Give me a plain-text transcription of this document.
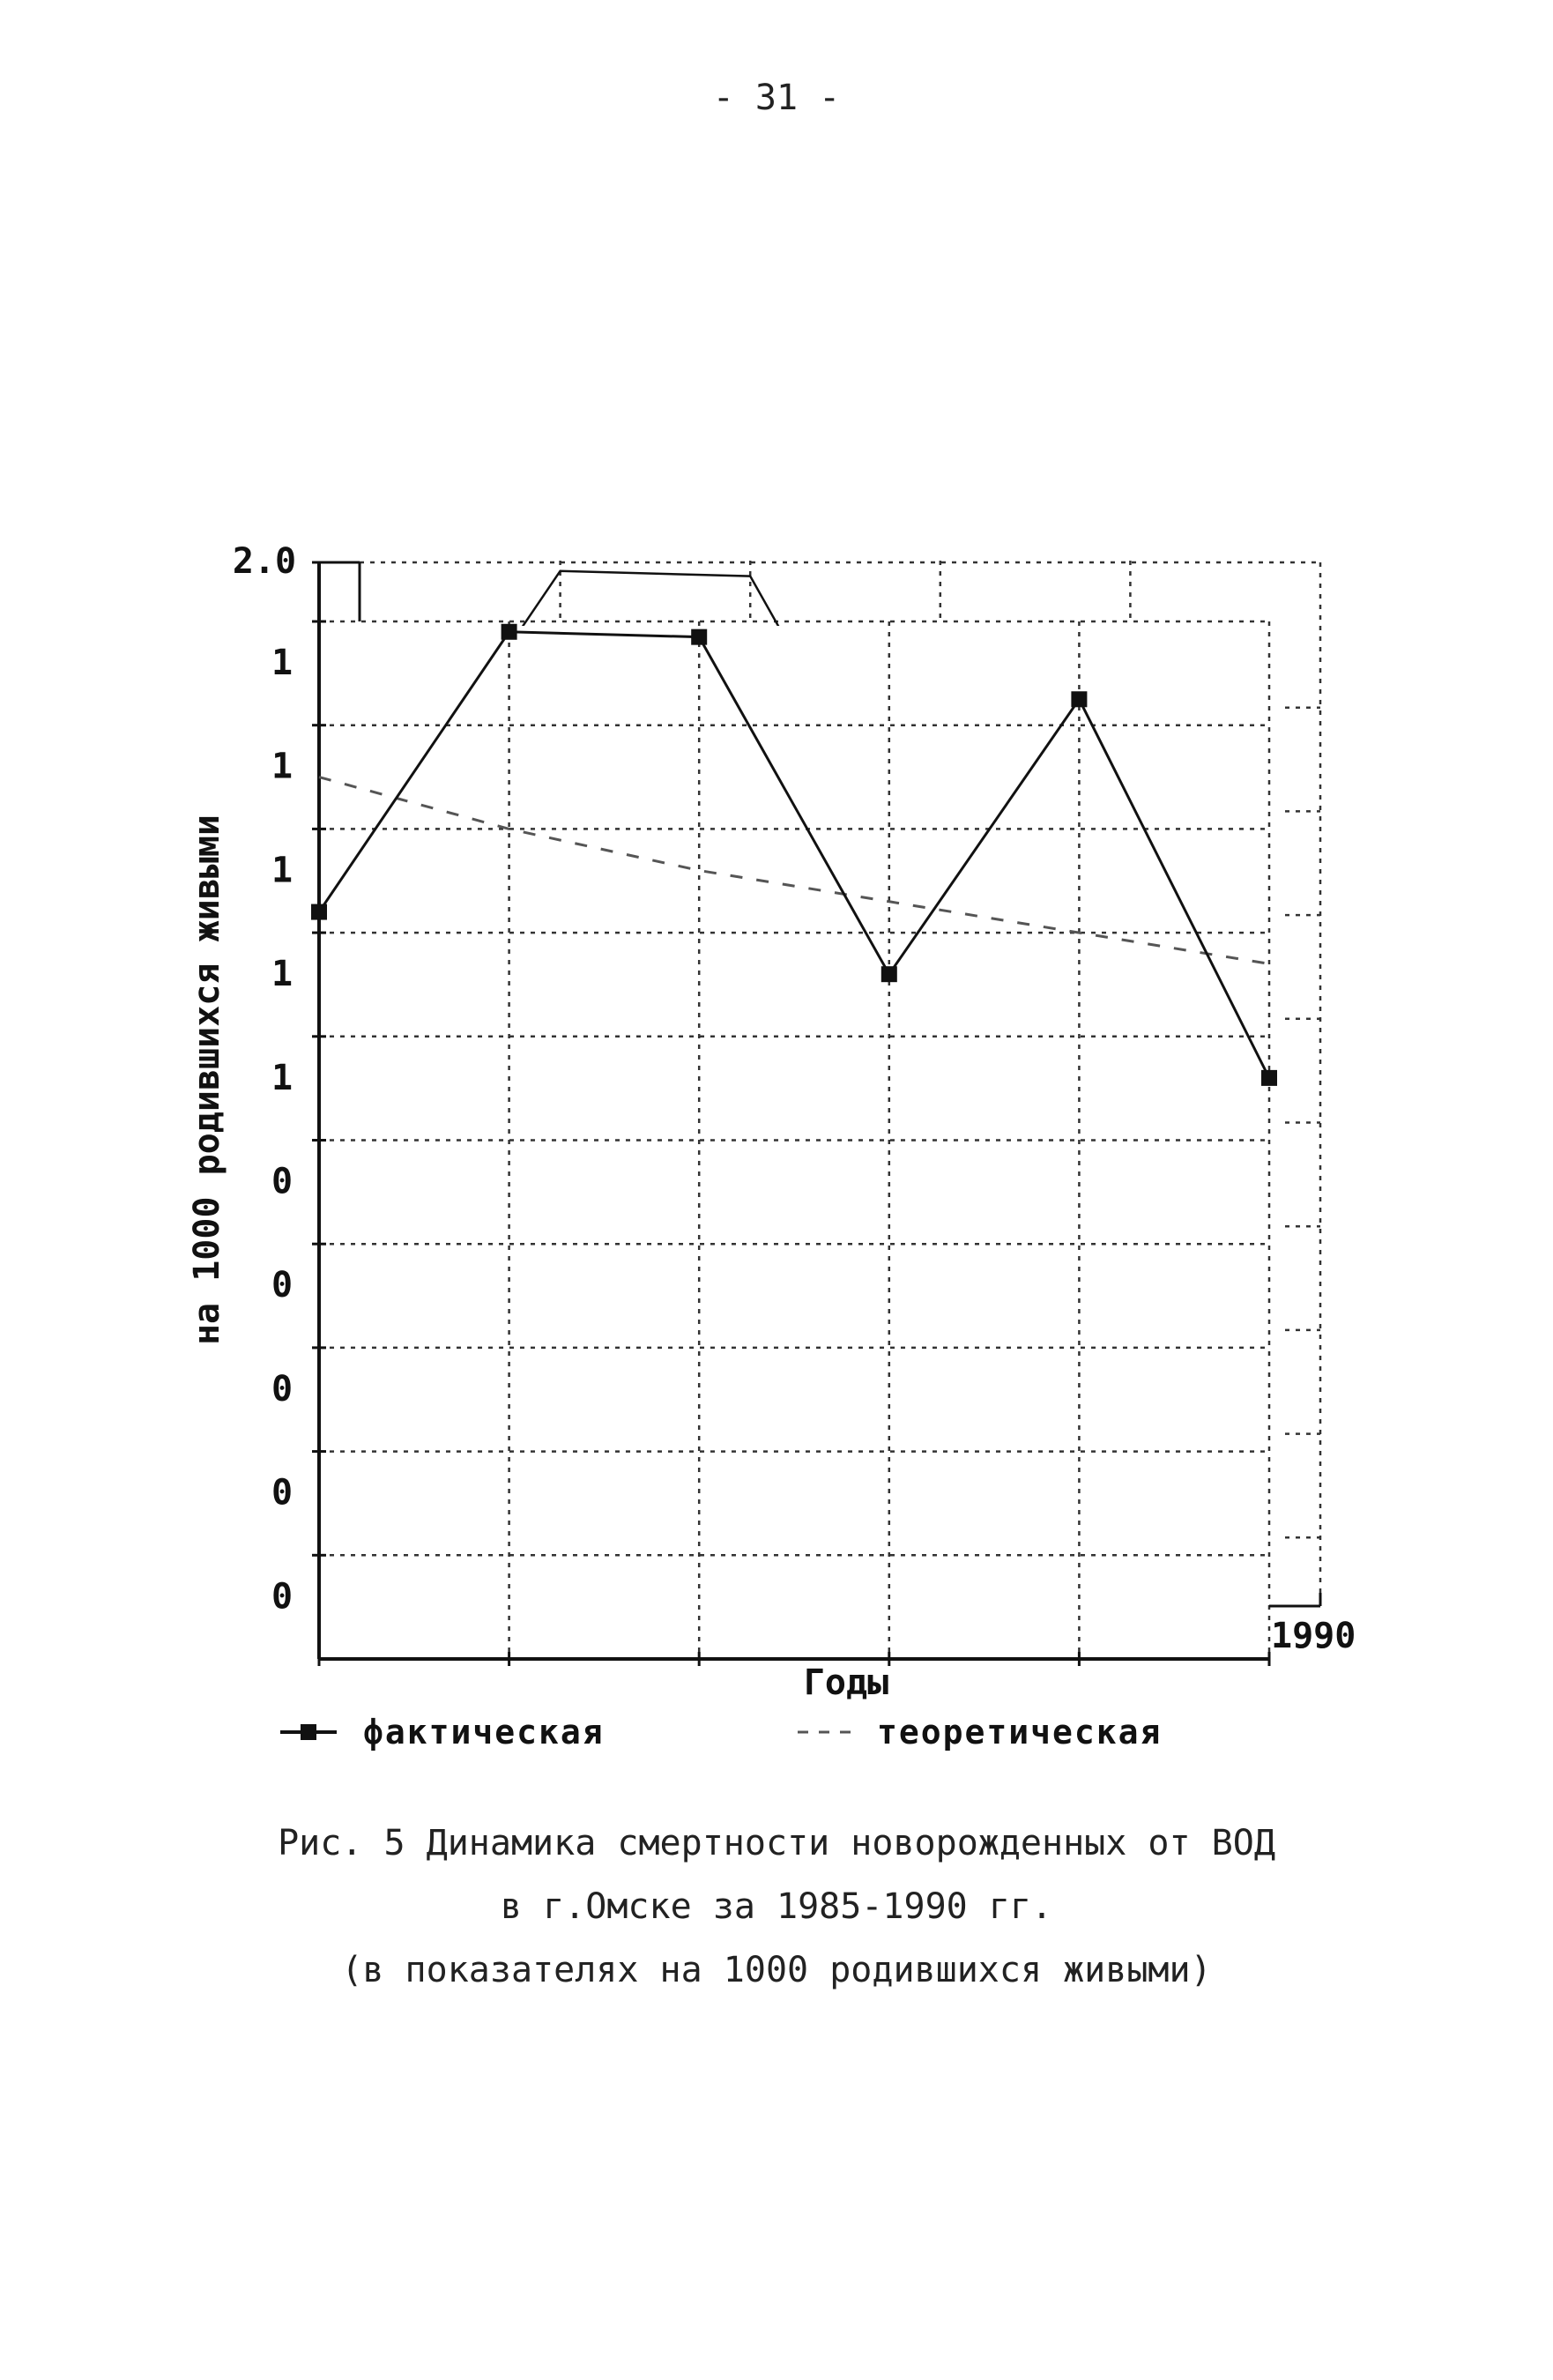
- 31 -
2.0
1
1
1
1
1
0
0
0
0
0
1990
на 1000 родившихся живыми
Годы
фактическая	теоретическая
Рис. 5 Динамика смертности новорожденных от ВОД
в г.Омске за 1985-1990 гг.
(в показателях на 1000 родившихся живыми)
